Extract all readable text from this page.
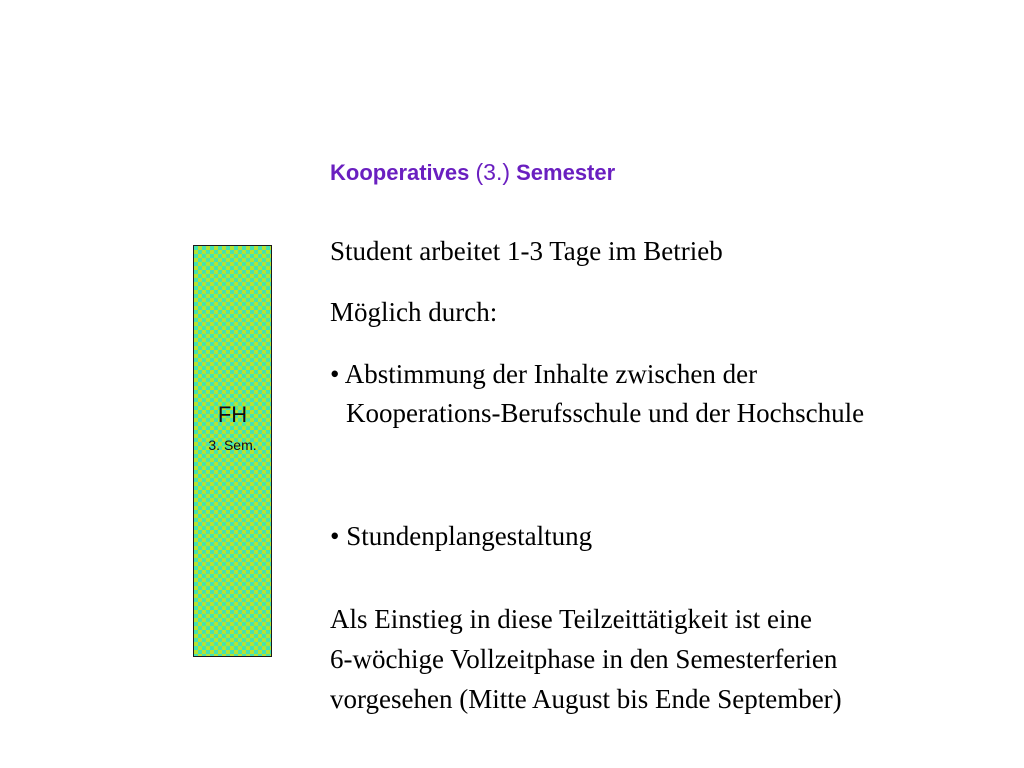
Kooperatives (3.) Semester
FH
3. Sem.
Student arbeitet 1-3 Tage im Betrieb
Möglich durch:
• Abstimmung der Inhalte zwischen der
Kooperations-Berufsschule und der Hochschule
• Stundenplangestaltung
Als Einstieg in diese Teilzeittätigkeit ist eine
6-wöchige Vollzeitphase in den Semesterferien
vorgesehen (Mitte August bis Ende September)
